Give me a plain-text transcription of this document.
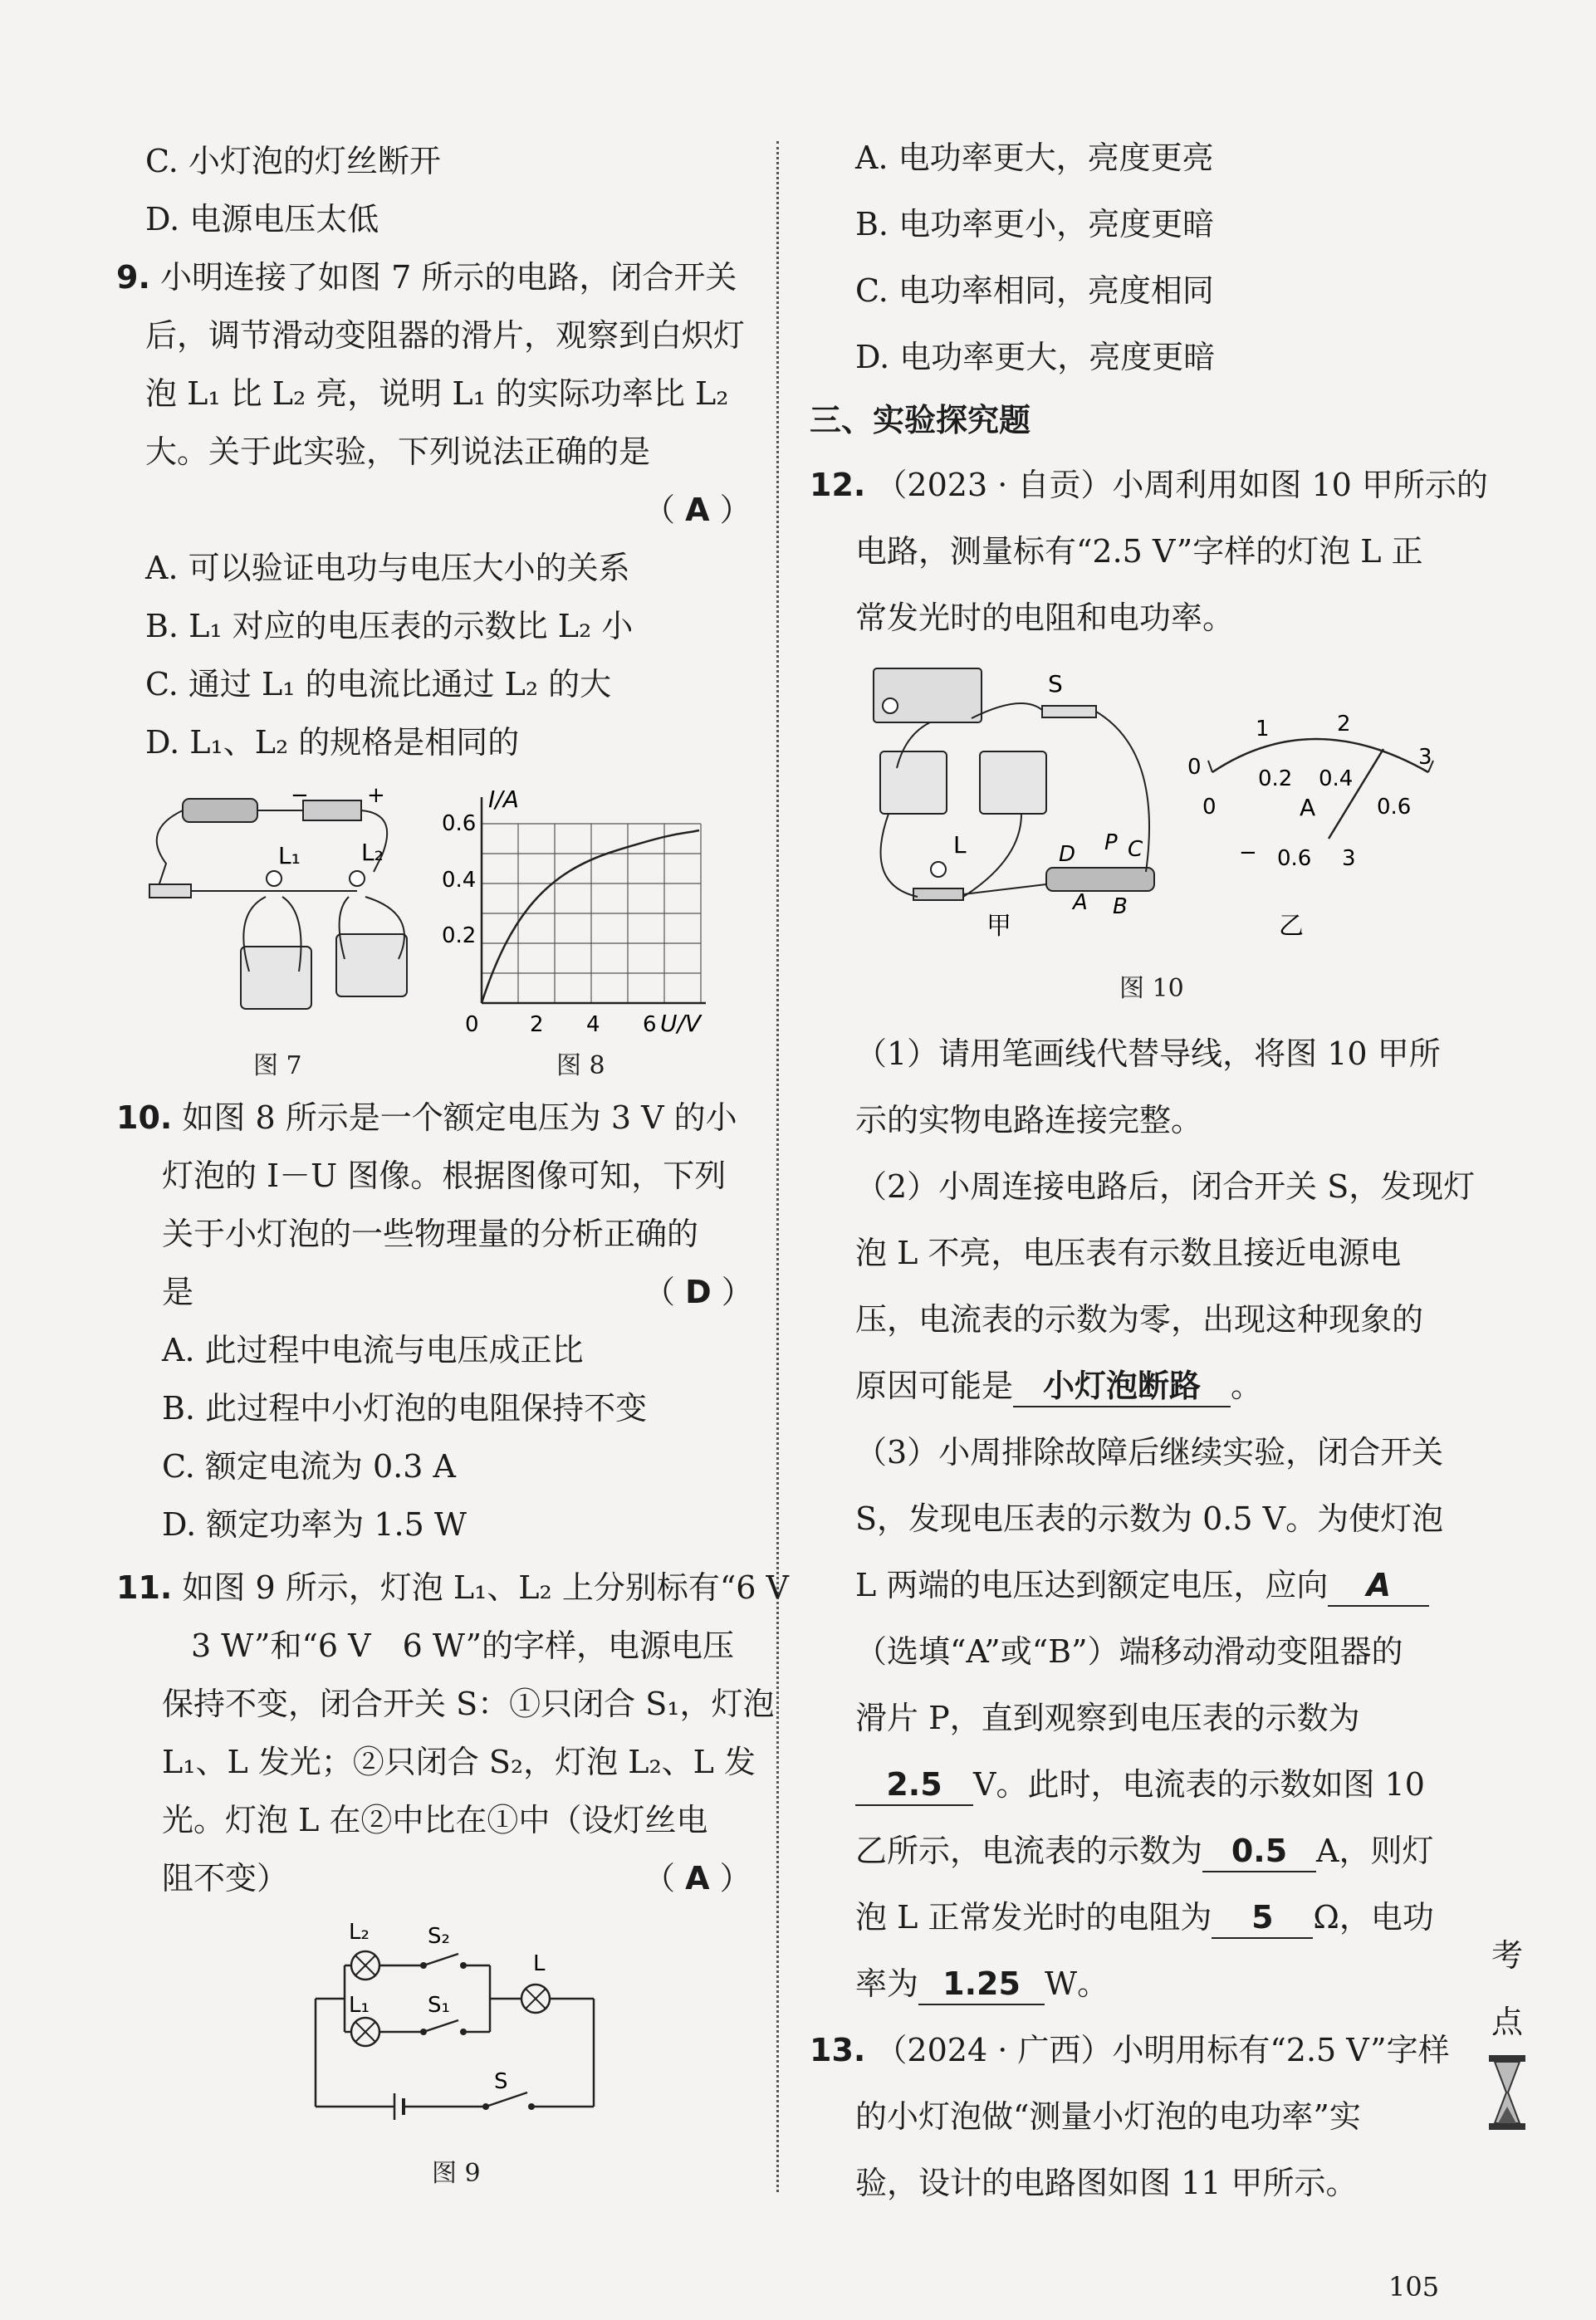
C. 小灯泡的灯丝断开
D. 电源电压太低
9. 小明连接了如图 7 所示的电路，闭合开关
后，调节滑动变阻器的滑片，观察到白炽灯
泡 L₁ 比 L₂ 亮，说明 L₁ 的实际功率比 L₂
大。关于此实验，下列说法正确的是
（ A ）
A. 可以验证电功与电压大小的关系
B. L₁ 对应的电压表的示数比 L₂ 小
C. 通过 L₁ 的电流比通过 L₂ 的大
D. L₁、L₂ 的规格是相同的
−	+
L₁	L₂
图 7
I/A
U/V
0.6
0.4
0.2
0 2 4 6
图 8
10. 如图 8 所示是一个额定电压为 3 V 的小
灯泡的 I－U 图像。根据图像可知，下列
关于小灯泡的一些物理量的分析正确的
是	（ D ）
A. 此过程中电流与电压成正比
B. 此过程中小灯泡的电阻保持不变
C. 额定电流为 0.3 A
D. 额定功率为 1.5 W
11. 如图 9 所示，灯泡 L₁、L₂ 上分别标有“6 V
3 W”和“6 V　6 W”的字样，电源电压
保持不变，闭合开关 S：①只闭合 S₁，灯泡
L₁、L 发光；②只闭合 S₂，灯泡 L₂、L 发
光。灯泡 L 在②中比在①中（设灯丝电
阻不变）	（ A ）
L₂	S₂
L₁	S₁
L
S
图 9
A. 电功率更大，亮度更亮
B. 电功率更小，亮度更暗
C. 电功率相同，亮度相同
D. 电功率更大，亮度更暗
三、实验探究题
12. （2023 · 自贡）小周利用如图 10 甲所示的
电路，测量标有“2.5 V”字样的灯泡 L 正
常发光时的电阻和电功率。
S
L	D P C
A B
甲
0
1	2
3
0
0.2 0.4
0.6
A
− 0.6 3
乙
图 10
（1）请用笔画线代替导线，将图 10 甲所
示的实物电路连接完整。
（2）小周连接电路后，闭合开关 S，发现灯
泡 L 不亮，电压表有示数且接近电源电
压，电流表的示数为零，出现这种现象的
原因可能是 小灯泡断路 。
（3）小周排除故障后继续实验，闭合开关
S，发现电压表的示数为 0.5 V。为使灯泡
L 两端的电压达到额定电压，应向 A
（选填“A”或“B”）端移动滑动变阻器的
滑片 P，直到观察到电压表的示数为
2.5 V。此时，电流表的示数如图 10
乙所示，电流表的示数为 0.5 A，则灯
泡 L 正常发光时的电阻为 5 Ω，电功
率为 1.25 W。
13. （2024 · 广西）小明用标有“2.5 V”字样
的小灯泡做“测量小灯泡的电功率”实
验，设计的电路图如图 11 甲所示。
考
点
105
